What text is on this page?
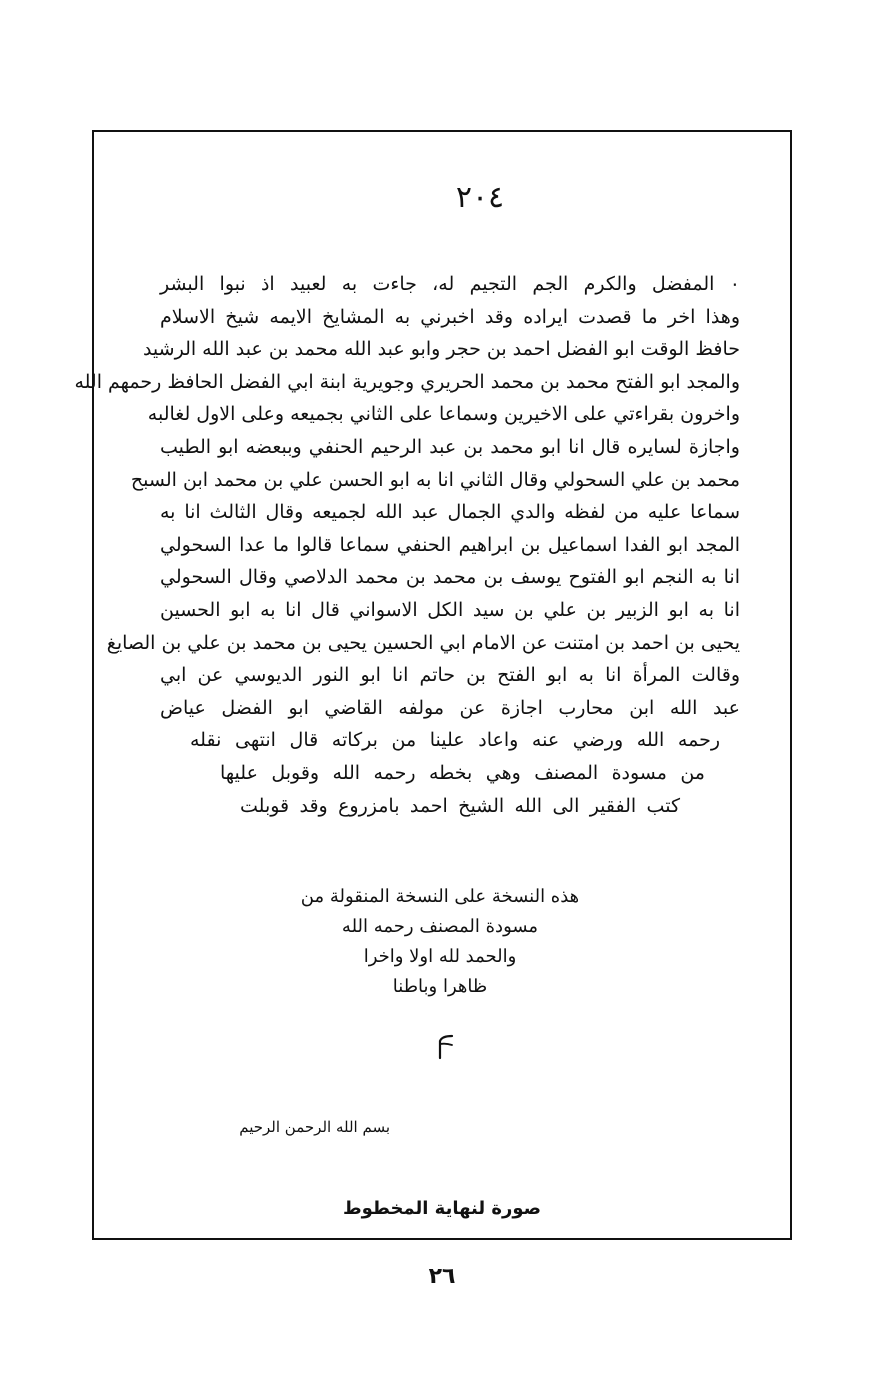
٢٠٤
٠ المفضل والكرم الجم التجيم له، جاءت به لعبيد اذ نبوا البشر
وهذا اخر ما قصدت ايراده وقد اخبرني به المشايخ الايمه شيخ الاسلام
حافظ الوقت ابو الفضل احمد بن حجر وابو عبد الله محمد بن عبد الله الرشيد
والمجد ابو الفتح محمد بن محمد الحريري وجويرية ابنة ابي الفضل الحافظ رحمهم الله
واخرون بقراءتي على الاخيرين وسماعا على الثاني بجميعه وعلى الاول لغالبه
واجازة لسايره قال انا ابو محمد بن عبد الرحيم الحنفي وببعضه ابو الطيب
محمد بن علي السحولي وقال الثاني انا به ابو الحسن علي بن محمد ابن السبح
سماعا عليه من لفظه والدي الجمال عبد الله لجميعه وقال الثالث انا به
المجد ابو الفدا اسماعيل بن ابراهيم الحنفي سماعا قالوا ما عدا السحولي
انا به النجم ابو الفتوح يوسف بن محمد بن محمد الدلاصي وقال السحولي
انا به ابو الزبير بن علي بن سيد الكل الاسواني قال انا به ابو الحسين
يحيى بن احمد بن امتنت عن الامام ابي الحسين يحيى بن محمد بن علي بن الصايغ
وقالت المرأة انا به ابو الفتح بن حاتم انا ابو النور الديوسي عن ابي
عبد الله ابن محارب اجازة عن مولفه القاضي ابو الفضل عياض
رحمه الله ورضي عنه واعاد علينا من بركاته قال انتهى نقله
من مسودة المصنف وهي بخطه رحمه الله وقوبل عليها
كتب الفقير الى الله الشيخ احمد بامزروع وقد قوبلت
هذه النسخة على النسخة المنقولة من
مسودة المصنف رحمه الله
والحمد لله اولا واخرا
ظاهرا وباطنا
بسم الله الرحمن الرحيم
صورة لنهاية المخطوط
٢٦
